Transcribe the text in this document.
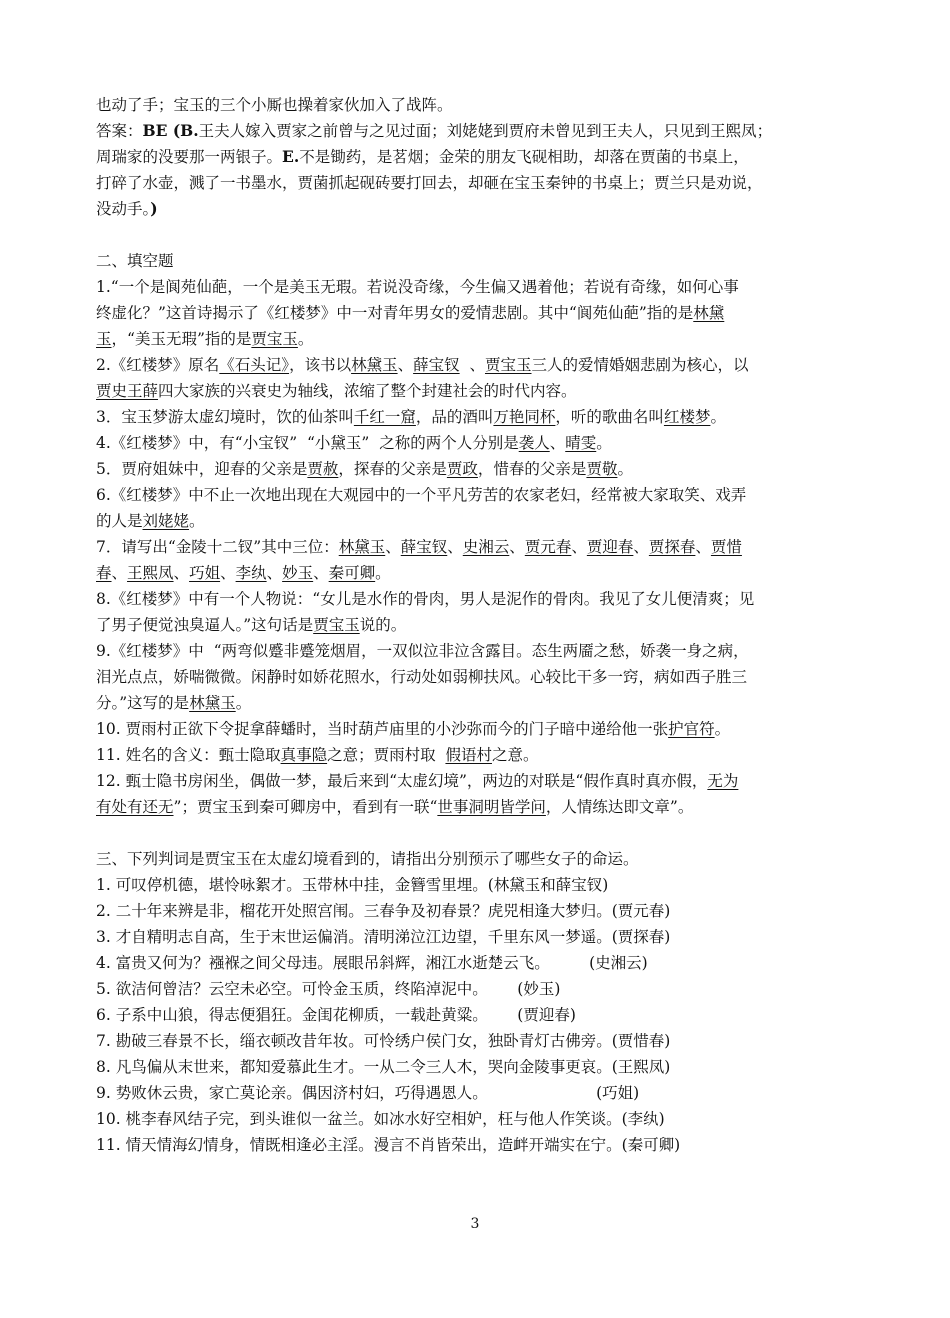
也动了手；宝玉的三个小厮也操着家伙加入了战阵。
答案：BE (B.王夫人嫁入贾家之前曾与之见过面；刘姥姥到贾府未曾见到王夫人，只见到王熙凤；
周瑞家的没要那一两银子。E.不是锄药，是茗烟；金荣的朋友飞砚相助，却落在贾菌的书桌上，
打碎了水壶，溅了一书墨水，贾菌抓起砚砖要打回去，却砸在宝玉秦钟的书桌上；贾兰只是劝说，
没动手。)
二、填空题
1.“一个是阆苑仙葩，一个是美玉无瑕。若说没奇缘，今生偏又遇着他；若说有奇缘，如何心事
终虚化？”这首诗揭示了《红楼梦》中一对青年男女的爱情悲剧。其中“阆苑仙葩”指的是林黛
玉，“美玉无瑕”指的是贾宝玉。
2.《红楼梦》原名《石头记》，该书以林黛玉、薛宝钗  、贾宝玉三人的爱情婚姻悲剧为核心，以
贾史王薛四大家族的兴衰史为轴线，浓缩了整个封建社会的时代内容。
3．宝玉梦游太虚幻境时，饮的仙茶叫千红一窟，品的酒叫万艳同杯，听的歌曲名叫红楼梦。
4.《红楼梦》中，有“小宝钗”  “小黛玉”  之称的两个人分别是袭人、晴雯。
5．贾府姐妹中，迎春的父亲是贾赦，探春的父亲是贾政，惜春的父亲是贾敬。
6.《红楼梦》中不止一次地出现在大观园中的一个平凡劳苦的农家老妇，经常被大家取笑、戏弄
的人是刘姥姥。
7．请写出“金陵十二钗”其中三位：林黛玉、薛宝钗、史湘云、贾元春、贾迎春、贾探春、贾惜
春、王熙凤、巧姐、李纨、妙玉、秦可卿。
8.《红楼梦》中有一个人物说：“女儿是水作的骨肉，男人是泥作的骨肉。我见了女儿便清爽；见
了男子便觉浊臭逼人。”这句话是贾宝玉说的。
9.《红楼梦》中  “两弯似蹙非蹙笼烟眉，一双似泣非泣含露目。态生两靥之愁，娇袭一身之病，
泪光点点，娇喘微微。闲静时如娇花照水，行动处如弱柳扶风。心较比干多一窍，病如西子胜三
分。”这写的是林黛玉。
10. 贾雨村正欲下令捉拿薛蟠时，当时葫芦庙里的小沙弥而今的门子暗中递给他一张护官符。
11. 姓名的含义：甄士隐取真事隐之意；贾雨村取  假语村之意。
12. 甄士隐书房闲坐，偶做一梦，最后来到“太虚幻境”，两边的对联是“假作真时真亦假，无为
有处有还无”；贾宝玉到秦可卿房中，看到有一联“世事洞明皆学问，人情练达即文章”。
三、下列判词是贾宝玉在太虚幻境看到的，请指出分别预示了哪些女子的命运。
1. 可叹停机德，堪怜咏絮才。玉带林中挂，金簪雪里埋。(林黛玉和薛宝钗)
2. 二十年来辨是非，榴花开处照宫闱。三春争及初春景？虎兕相逢大梦归。(贾元春)
3. 才自精明志自高，生于末世运偏消。清明涕泣江边望，千里东风一梦遥。(贾探春)
4. 富贵又何为？襁褓之间父母违。展眼吊斜辉，湘江水逝楚云飞。        (史湘云)
5. 欲洁何曾洁？云空未必空。可怜金玉质，终陷淖泥中。      (妙玉)
6. 子系中山狼，得志便猖狂。金闺花柳质，一载赴黄粱。      (贾迎春)
7. 勘破三春景不长，缁衣顿改昔年妆。可怜绣户侯门女，独卧青灯古佛旁。(贾惜春)
8. 凡鸟偏从末世来，都知爱慕此生才。一从二令三人木，哭向金陵事更哀。(王熙凤)
9. 势败休云贵，家亡莫论亲。偶因济村妇，巧得遇恩人。                      (巧姐)
10. 桃李春风结子完，到头谁似一盆兰。如冰水好空相妒，枉与他人作笑谈。(李纨)
11. 情天情海幻情身，情既相逢必主淫。漫言不肖皆荣出，造衅开端实在宁。(秦可卿)
3
